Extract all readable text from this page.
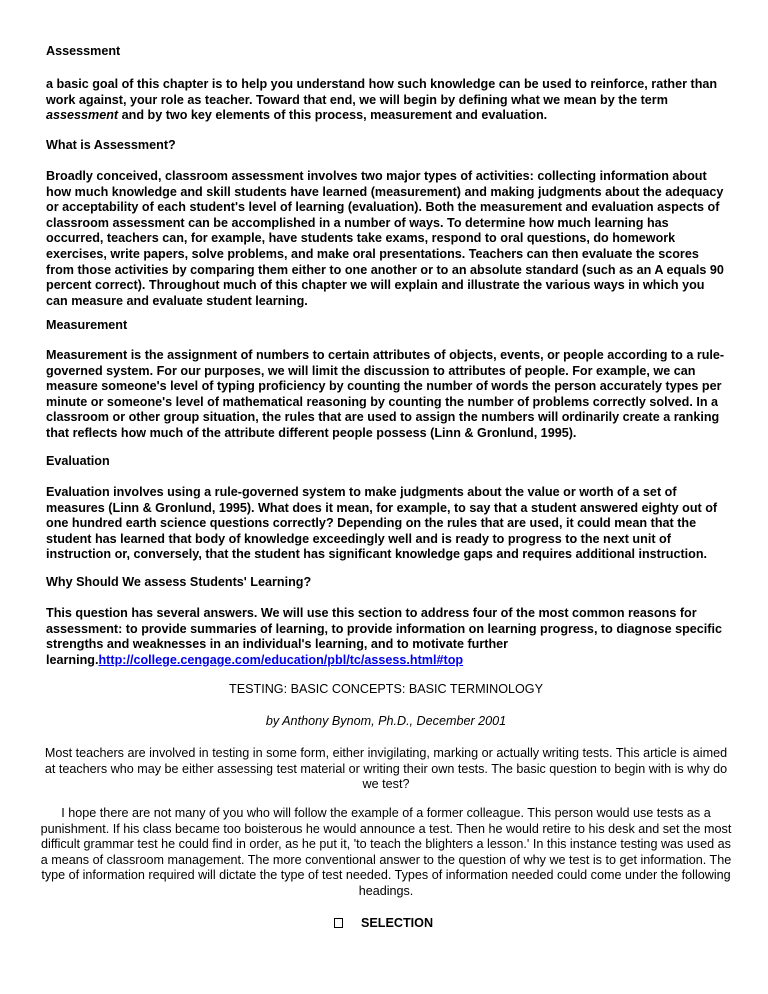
Assessment

a basic goal of this chapter is to help you understand how such knowledge can be used to reinforce, rather than work against, your role as teacher. Toward that end, we will begin by defining what we mean by the term assessment and by two key elements of this process, measurement and evaluation.

What is Assessment?

Broadly conceived, classroom assessment involves two major types of activities: collecting information about how much knowledge and skill students have learned (measurement) and making judgments about the adequacy or acceptability of each student's level of learning (evaluation). Both the measurement and evaluation aspects of classroom assessment can be accomplished in a number of ways. To determine how much learning has occurred, teachers can, for example, have students take exams, respond to oral questions, do homework exercises, write papers, solve problems, and make oral presentations. Teachers can then evaluate the scores from those activities by comparing them either to one another or to an absolute standard (such as an A equals 90 percent correct). Throughout much of this chapter we will explain and illustrate the various ways in which you can measure and evaluate student learning.

Measurement

Measurement is the assignment of numbers to certain attributes of objects, events, or people according to a rule-governed system. For our purposes, we will limit the discussion to attributes of people. For example, we can measure someone's level of typing proficiency by counting the number of words the person accurately types per minute or someone's level of mathematical reasoning by counting the number of problems correctly solved. In a classroom or other group situation, the rules that are used to assign the numbers will ordinarily create a ranking that reflects how much of the attribute different people possess (Linn & Gronlund, 1995).

Evaluation

Evaluation involves using a rule-governed system to make judgments about the value or worth of a set of measures (Linn & Gronlund, 1995). What does it mean, for example, to say that a student answered eighty out of one hundred earth science questions correctly? Depending on the rules that are used, it could mean that the student has learned that body of knowledge exceedingly well and is ready to progress to the next unit of instruction or, conversely, that the student has significant knowledge gaps and requires additional instruction.

Why Should We assess Students' Learning?

This question has several answers. We will use this section to address four of the most common reasons for assessment: to provide summaries of learning, to provide information on learning progress, to diagnose specific strengths and weaknesses in an individual's learning, and to motivate further learning.http://college.cengage.com/education/pbl/tc/assess.html#top

TESTING: BASIC CONCEPTS: BASIC TERMINOLOGY

by Anthony Bynom, Ph.D., December 2001

Most teachers are involved in testing in some form, either invigilating, marking or actually writing tests. This article is aimed at teachers who may be either assessing test material or writing their own tests. The basic question to begin with is why do we test?

I hope there are not many of you who will follow the example of a former colleague. This person would use tests as a punishment. If his class became too boisterous he would announce a test. Then he would retire to his desk and set the most difficult grammar test he could find in order, as he put it, 'to teach the blighters a lesson.' In this instance testing was used as a means of classroom management. The more conventional answer to the question of why we test is to get information. The type of information required will dictate the type of test needed. Types of information needed could come under the following headings.

SELECTION
